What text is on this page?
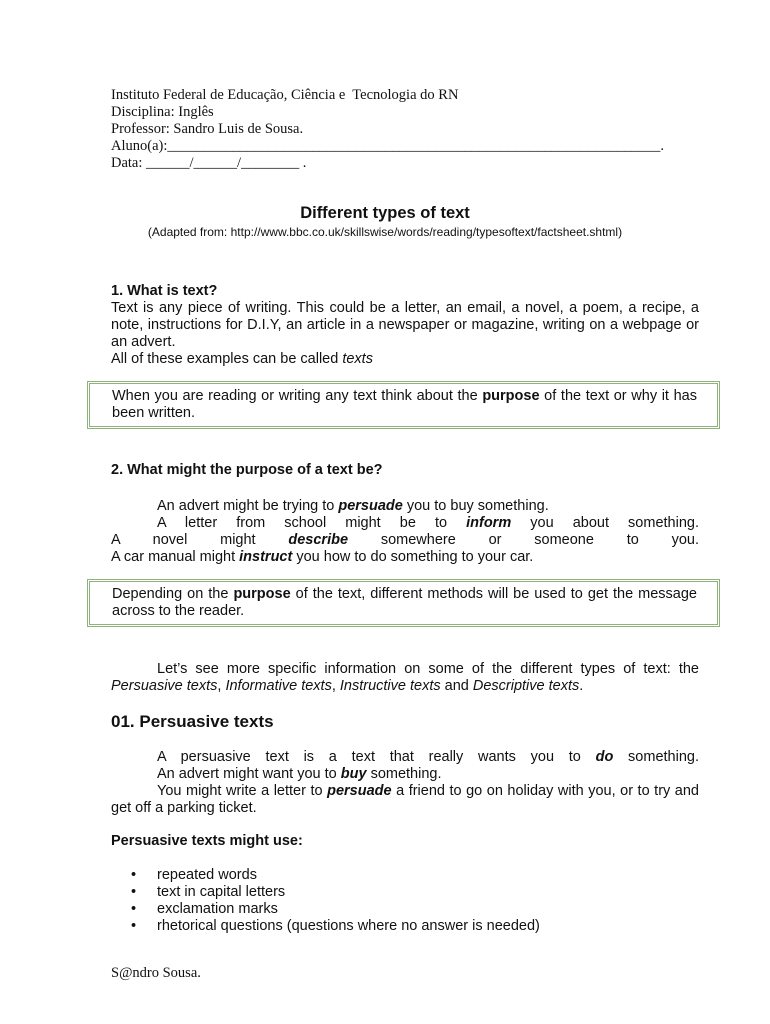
Instituto Federal de Educação, Ciência e  Tecnologia do RN
Disciplina: Inglês
Professor: Sandro Luis de Sousa.
Aluno(a):____________________________________________________________________.
Data: ______/______/________ .
Different types of text
(Adapted from: http://www.bbc.co.uk/skillswise/words/reading/typesoftext/factsheet.shtml)
1. What is text?
Text is any piece of writing. This could be a letter, an email, a novel, a poem, a recipe, a note, instructions for D.I.Y, an article in a newspaper or magazine, writing on a webpage or an advert.
All of these examples can be called texts
When you are reading or writing any text think about the purpose of the text or why it has been written.
2. What might the purpose of a text be?
An advert might be trying to persuade you to buy something.
A letter from school might be to inform you about something.
A novel might describe somewhere or someone to you.
A car manual might instruct you how to do something to your car.
Depending on the purpose of the text, different methods will be used to get the message across to the reader.
Let’s see more specific information on some of the different types of text: the Persuasive texts, Informative texts, Instructive texts and Descriptive texts.
01. Persuasive texts
A persuasive text is a text that really wants you to do something.
An advert might want you to buy something.
You might write a letter to persuade a friend to go on holiday with you, or to try and get off a parking ticket.
Persuasive texts might use:
• repeated words
• text in capital letters
• exclamation marks
• rhetorical questions (questions where no answer is needed)
S@ndro Sousa.
